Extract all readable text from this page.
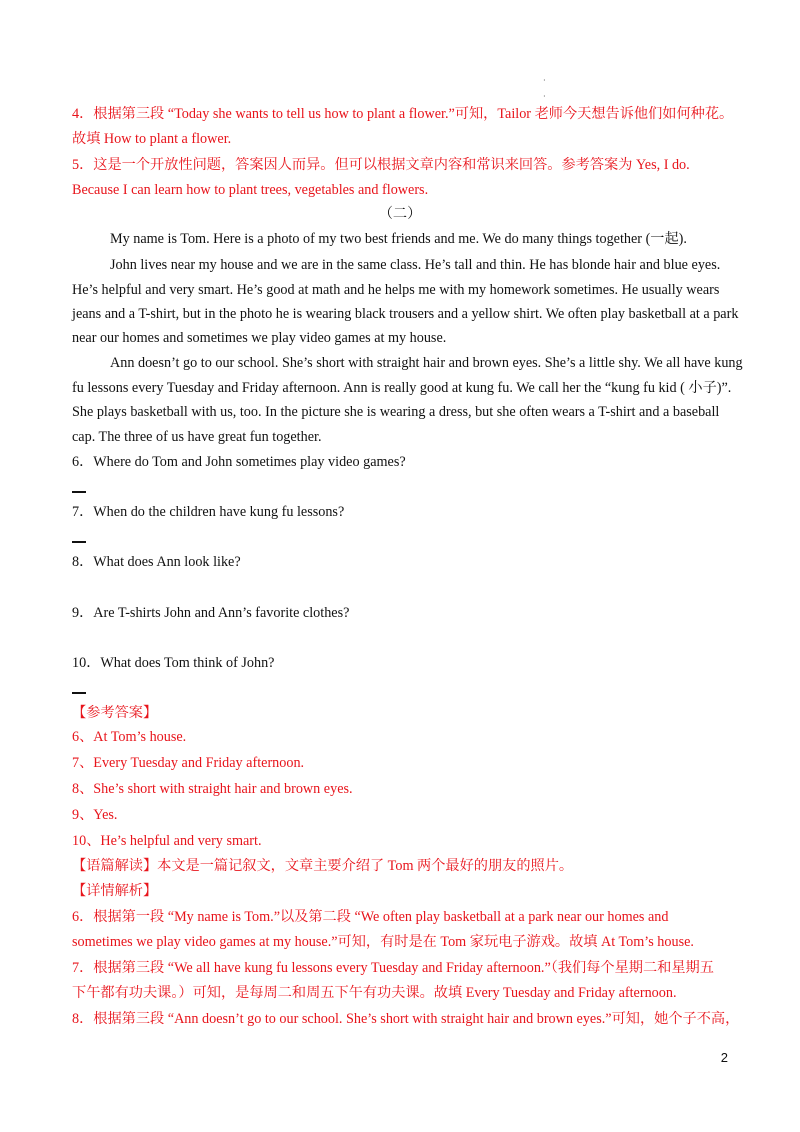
·
·
4．根据第三段 “Today she wants to tell us how to plant a flower.”可知，Tailor 老师今天想告诉他们如何种花。
故填 How to plant a flower.
5．这是一个开放性问题，答案因人而异。但可以根据文章内容和常识来回答。参考答案为 Yes, I do.
Because I can learn how to plant trees, vegetables and flowers.
（二）
My name is Tom. Here is a photo of my two best friends and me. We do many things together (一起).
John lives near my house and we are in the same class. He’s tall and thin. He has blonde hair and blue eyes.
He’s helpful and very smart. He’s good at math and he helps me with my homework sometimes. He usually wears
jeans and a T-shirt, but in the photo he is wearing black trousers and a yellow shirt. We often play basketball at a park
near our homes and sometimes we play video games at my house.
Ann doesn’t go to our school. She’s short with straight hair and brown eyes. She’s a little shy. We all have kung
fu lessons every Tuesday and Friday afternoon. Ann is really good at kung fu. We call her the “kung fu kid ( 小子)”.
She plays basketball with us, too. In the picture she is wearing a dress, but she often wears a T-shirt and a baseball
cap. The three of us have great fun together.
6．Where do Tom and John sometimes play video games?
7．When do the children have kung fu lessons?
8．What does Ann look like?
9．Are T-shirts John and Ann’s favorite clothes?
10．What does Tom think of John?
【参考答案】
6、At Tom’s house.
7、Every Tuesday and Friday afternoon.
8、She’s short with straight hair and brown eyes.
9、Yes.
10、He’s helpful and very smart.
【语篇解读】本文是一篇记叙文，文章主要介绍了 Tom 两个最好的朋友的照片。
【详情解析】
6．根据第一段 “My name is Tom.”以及第二段 “We often play basketball at a park near our homes and
sometimes we play video games at my house.”可知，有时是在 Tom 家玩电子游戏。故填 At Tom’s house.
7．根据第三段 “We all have kung fu lessons every Tuesday and Friday afternoon.”（我们每个星期二和星期五
下午都有功夫课。）可知，是每周二和周五下午有功夫课。故填 Every Tuesday and Friday afternoon.
8．根据第三段 “Ann doesn’t go to our school. She’s short with straight hair and brown eyes.”可知，她个子不高，
2
